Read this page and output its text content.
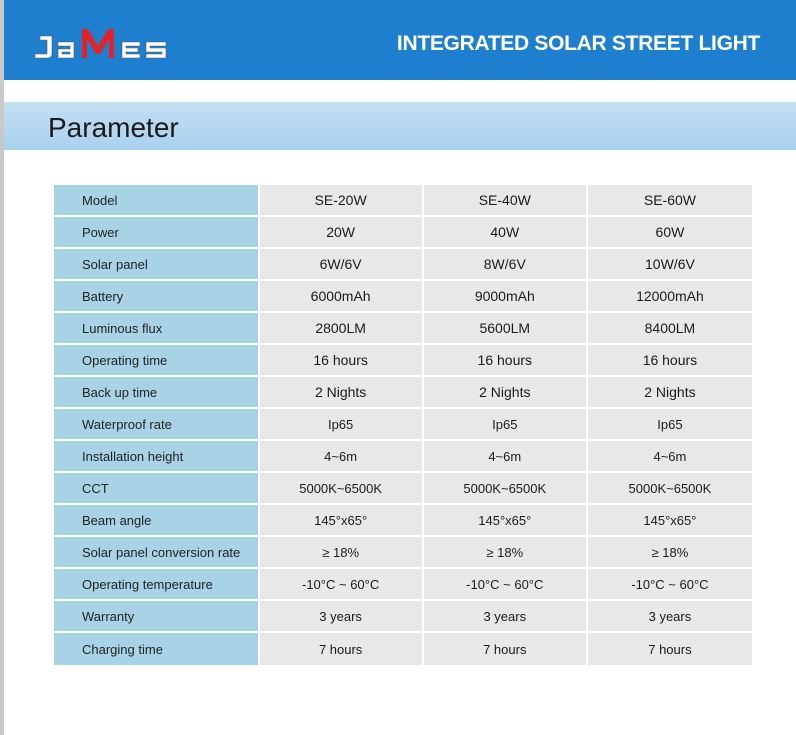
INTEGRATED SOLAR STREET LIGHT
Parameter
Model	SE-20W	SE-40W	SE-60W
Power	20W	40W	60W
Solar panel	6W/6V	8W/6V	10W/6V
Battery	6000mAh	9000mAh	12000mAh
Luminous flux	2800LM	5600LM	8400LM
Operating time	16 hours	16 hours	16 hours
Back up time	2 Nights	2 Nights	2 Nights
Waterproof rate	Ip65	Ip65	Ip65
Installation height	4~6m	4~6m	4~6m
CCT	5000K~6500K	5000K~6500K	5000K~6500K
Beam angle	145°x65°	145°x65°	145°x65°
Solar panel conversion rate	≥ 18%	≥ 18%	≥ 18%
Operating temperature	-10°C ~ 60°C	-10°C ~ 60°C	-10°C ~ 60°C
Warranty	3 years	3 years	3 years
Charging time	7 hours	7 hours	7 hours
